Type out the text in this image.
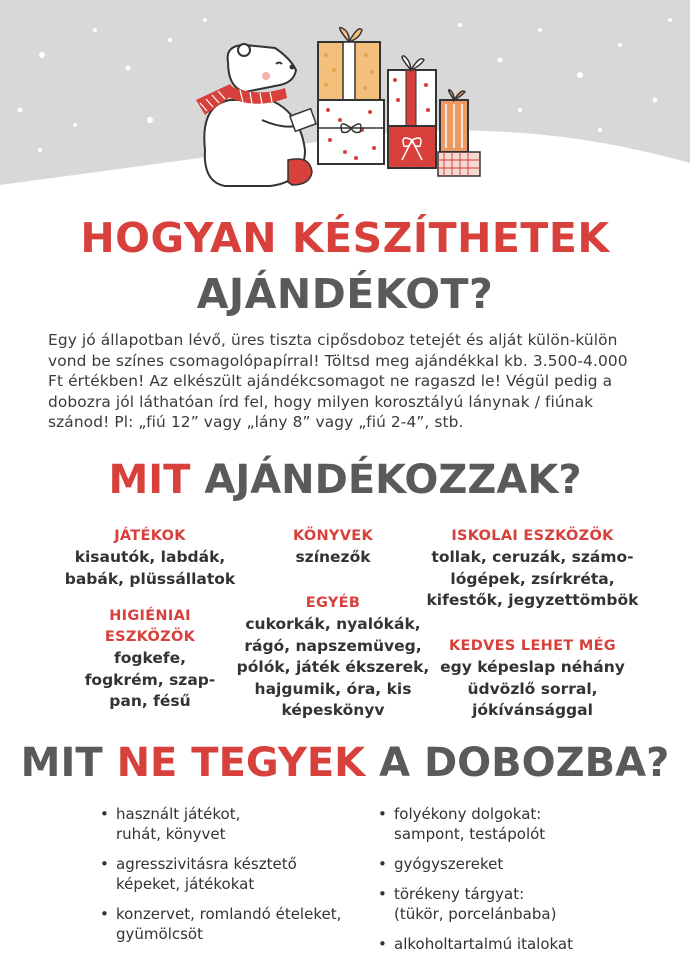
HOGYAN KÉSZÍTHETEK
AJÁNDÉKOT?
Egy jó állapotban lévő, üres tiszta cipősdoboz tetejét és alját külön-külön
vond be színes csomagolópapírral! Töltsd meg ajándékkal kb. 3.500-4.000
Ft értékben! Az elkészült ajándékcsomagot ne ragaszd le! Végül pedig a
dobozra jól láthatóan írd fel, hogy milyen korosztályú lánynak / fiúnak
szánod! Pl: „fiú 12” vagy „lány 8” vagy „fiú 2-4”, stb.
MIT AJÁNDÉKOZZAK?
JÁTÉKOK
kisautók, labdák,
babák, plüssállatok
HIGIÉNIAI
ESZKÖZÖK
fogkefe,
fogkrém, szap-
pan, fésű
KÖNYVEK
színezők
EGYÉB
cukorkák, nyalókák,
rágó, napszemüveg,
pólók, játék ékszerek,
hajgumik, óra, kis
képeskönyv
ISKOLAI ESZKÖZÖK
tollak, ceruzák, számo-
lógépek, zsírkréta,
kifestők, jegyzettömbök
KEDVES LEHET MÉG
egy képeslap néhány
üdvözlő sorral,
jókívánsággal
MIT NE TEGYEK A DOBOZBA?
• használt játékot,
ruhát, könyvet
• agresszivitásra késztető
képeket, játékokat
• konzervet, romlandó ételeket,
gyümölcsöt
• folyékony dolgokat:
sampont, testápolót
• gyógyszereket
• törékeny tárgyat:
(tükör, porcelánbaba)
• alkoholtartalmú italokat
